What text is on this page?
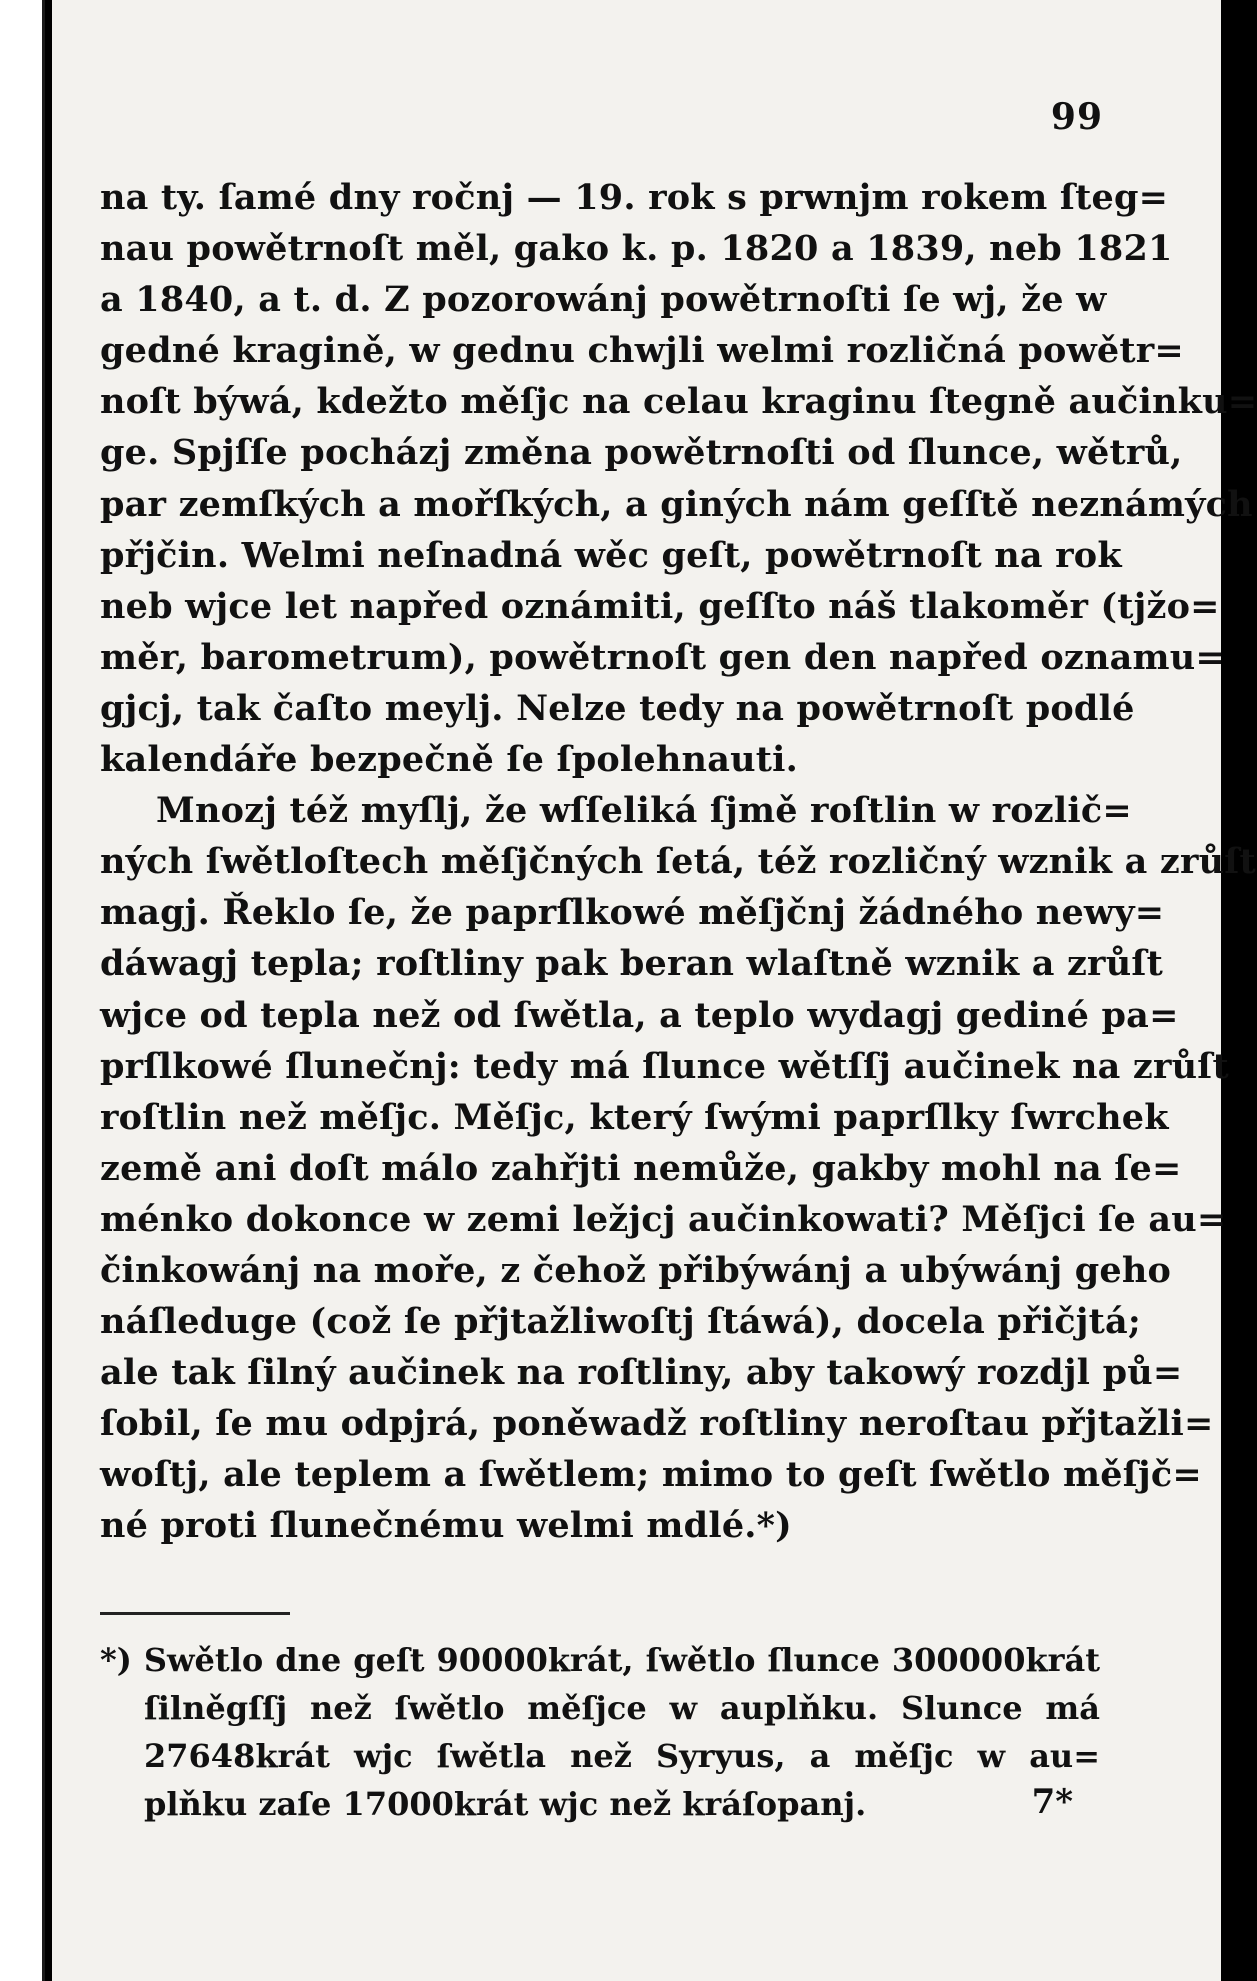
99
na ty. ſamé dny ročnj — 19. rok s prwnjm rokem ſteg=
nau powětrnoſt měl, gako k. p. 1820 a 1839, neb 1821
a 1840, a t. d. Z pozorowánj powětrnoſti ſe wj, že w
gedné kragině, w gednu chwjli welmi rozličná powětr=
noſt býwá, kdežto měſjc na celau kraginu ſtegně aučinku=
ge. Spjſſe pocházj změna powětrnoſti od ſlunce, wětrů,
par zemſkých a mořſkých, a giných nám geſſtě neznámých
přjčin. Welmi neſnadná wěc geſt, powětrnoſt na rok
neb wjce let napřed oznámiti, geſſto náš tlakoměr (tjžo=
měr, barometrum), powětrnoſt gen den napřed oznamu=
gjcj, tak čaſto meylj. Nelze tedy na powětrnoſt podlé
kalendáře bezpečně ſe ſpolehnauti.
Mnozj též myſlj, že wſſeliká ſjmě roſtlin w rozlič=
ných ſwětloſtech měſjčných ſetá, též rozličný wznik a zrůſt
magj. Řeklo ſe, že paprſlkowé měſjčnj žádného newy=
dáwagj tepla; roſtliny pak beran wlaſtně wznik a zrůſt
wjce od tepla než od ſwětla, a teplo wydagj gediné pa=
prſlkowé ſlunečnj: tedy má ſlunce wětſſj aučinek na zrůſt
roſtlin než měſjc. Měſjc, který ſwými paprſlky ſwrchek
země ani doſt málo zahřjti nemůže, gakby mohl na ſe=
ménko dokonce w zemi ležjcj aučinkowati? Měſjci ſe au=
činkowánj na moře, z čehož přibýwánj a ubýwánj geho
náſleduge (což ſe přjtažliwoſtj ſtáwá), docela přičjtá;
ale tak ſilný aučinek na roſtliny, aby takowý rozdjl pů=
ſobil, ſe mu odpjrá, poněwadž roſtliny neroſtau přjtažli=
woſtj, ale teplem a ſwětlem; mimo to geſt ſwětlo měſjč=
né proti ſlunečnému welmi mdlé.*)
*) Swětlo dne geſt 90000krát, ſwětlo ſlunce 300000krát
ſilněgſſj než ſwětlo měſjce w auplňku. Slunce má
27648krát wjc ſwětla než Syryus, a měſjc w au=
plňku zaſe 17000krát wjc než kráſopanj.	7*
